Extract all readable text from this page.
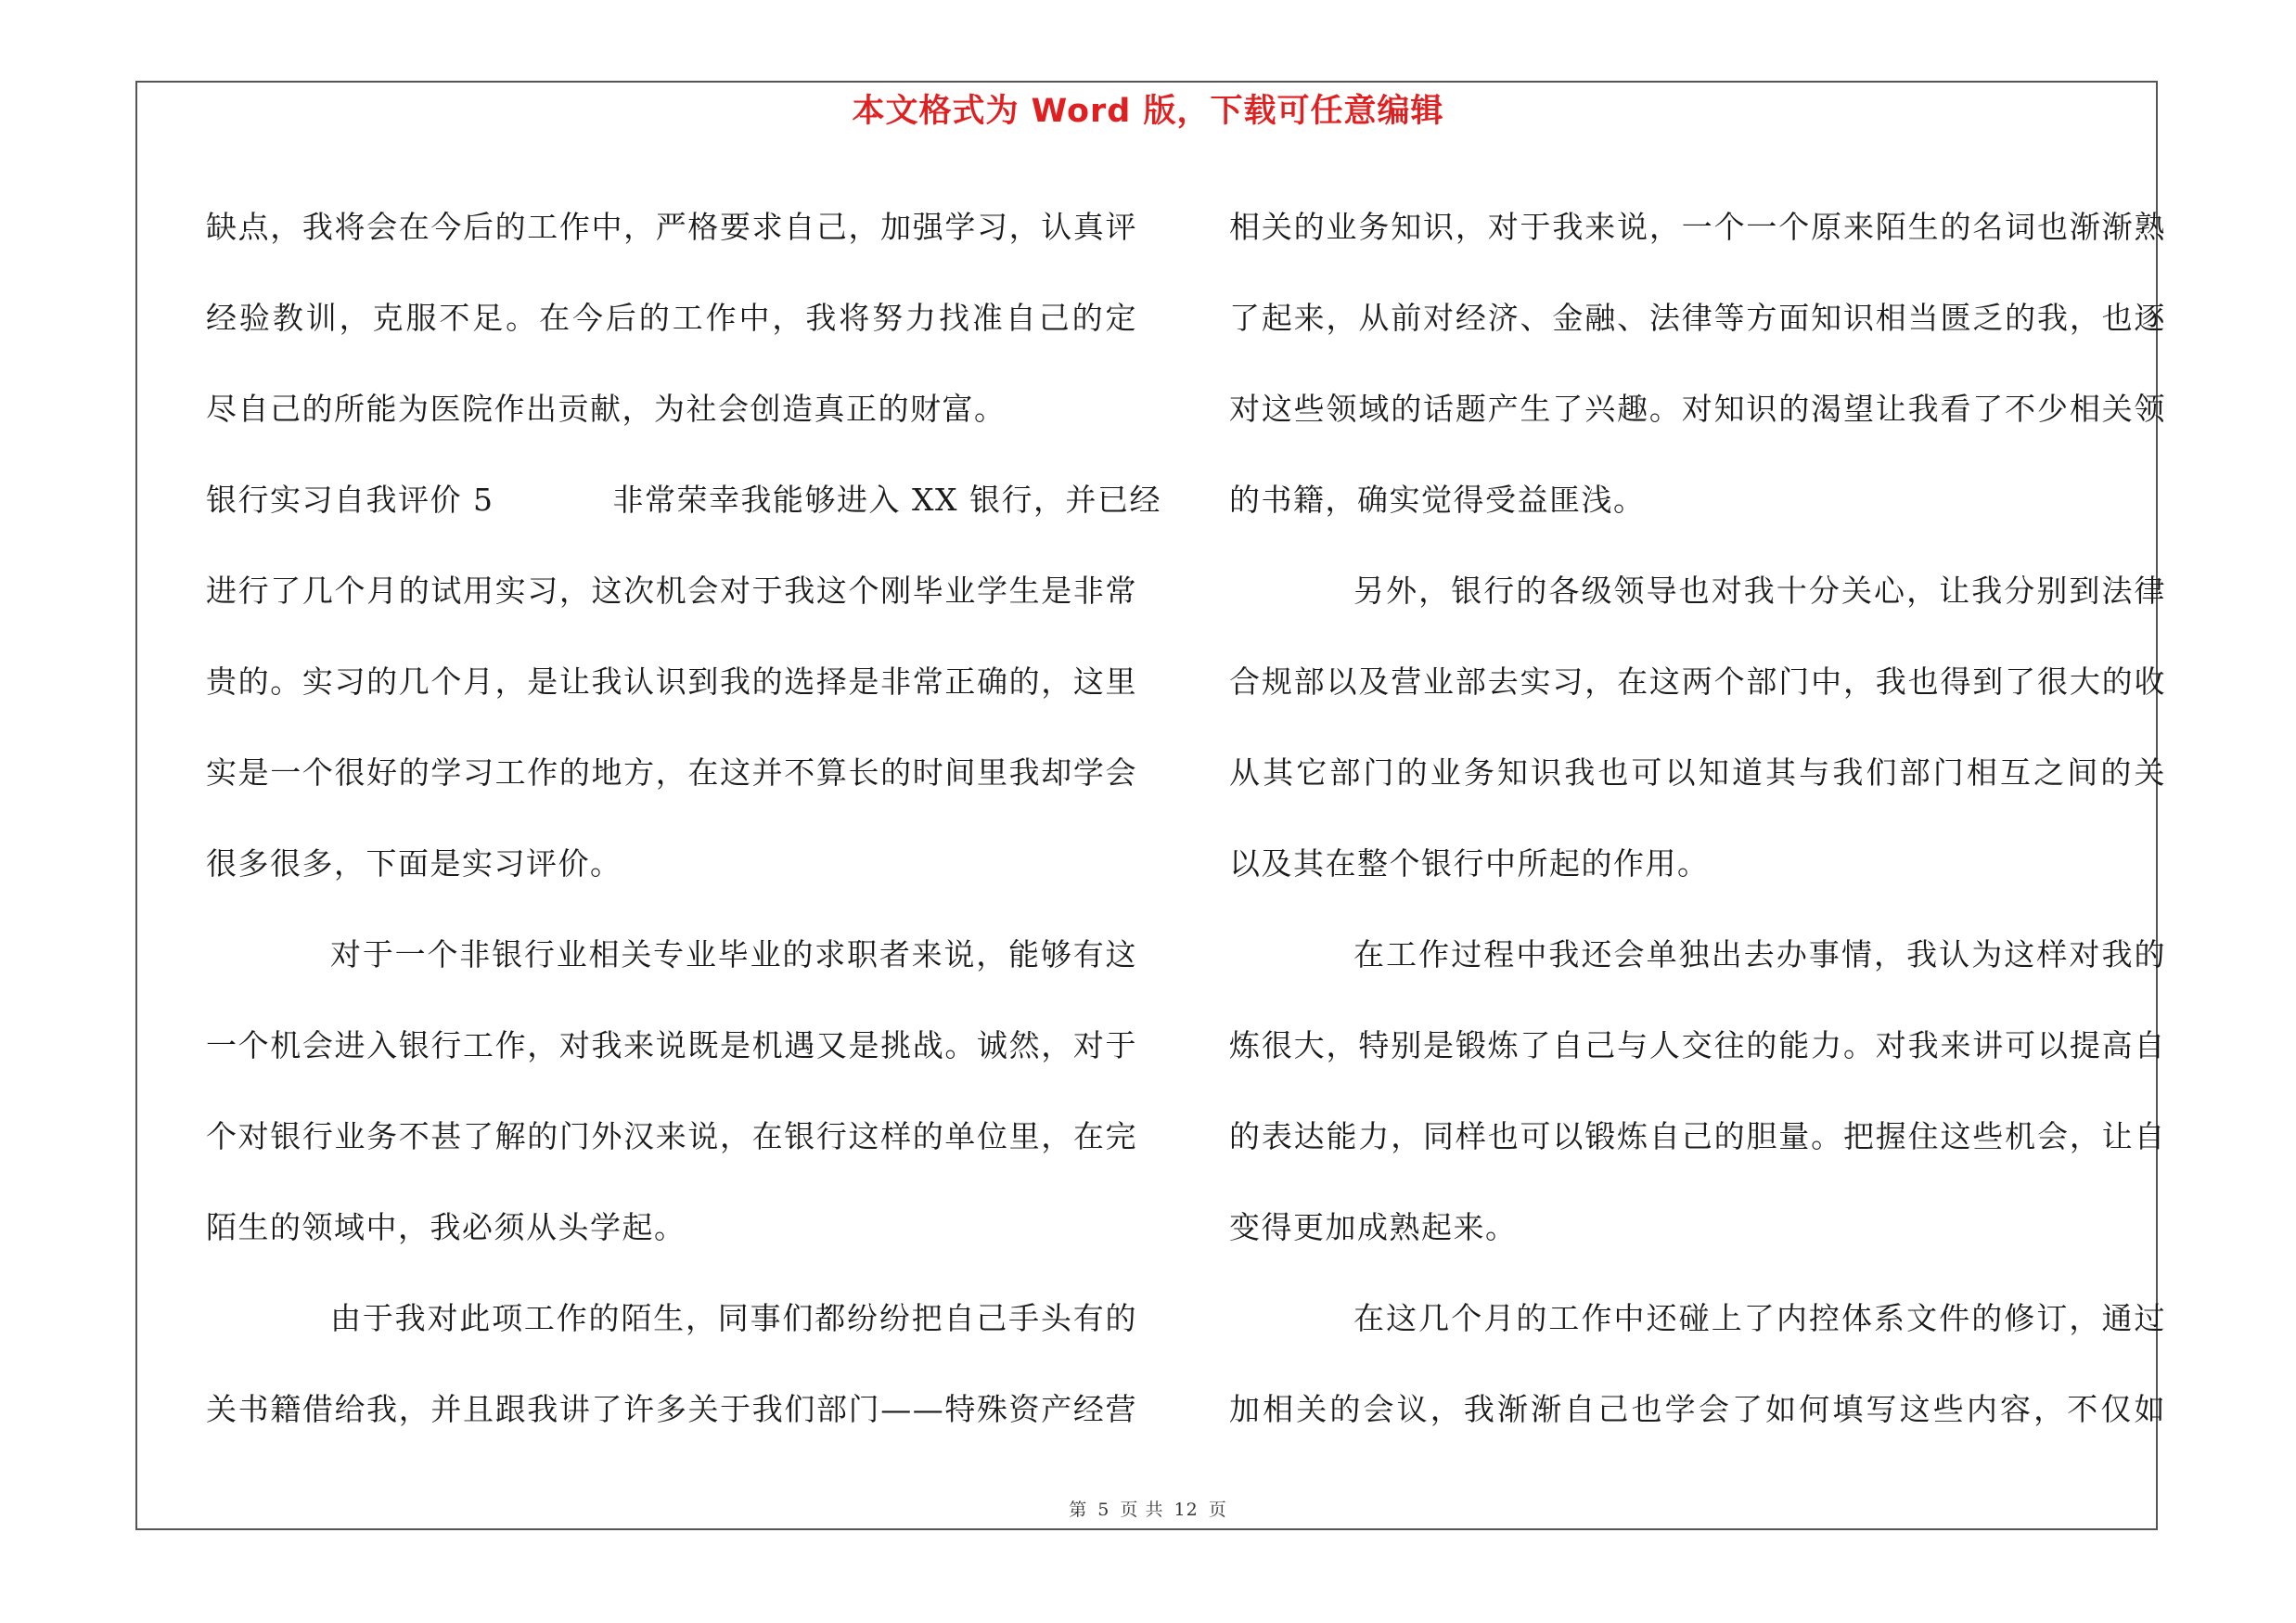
本文格式为 Word 版，下载可任意编辑
缺点，我将会在今后的工作中，严格要求自己，加强学习，认真评
经验教训，克服不足。在今后的工作中，我将努力找准自己的定
尽自己的所能为医院作出贡献，为社会创造真正的财富。
银行实习自我评价 5	非常荣幸我能够进入 XX 银行，并已经
进行了几个月的试用实习，这次机会对于我这个刚毕业学生是非常
贵的。实习的几个月，是让我认识到我的选择是非常正确的，这里
实是一个很好的学习工作的地方，在这并不算长的时间里我却学会
很多很多，下面是实习评价。
对于一个非银行业相关专业毕业的求职者来说，能够有这
一个机会进入银行工作，对我来说既是机遇又是挑战。诚然，对于
个对银行业务不甚了解的门外汉来说，在银行这样的单位里，在完
陌生的领域中，我必须从头学起。
由于我对此项工作的陌生，同事们都纷纷把自己手头有的
关书籍借给我，并且跟我讲了许多关于我们部门——特殊资产经营
相关的业务知识，对于我来说，一个一个原来陌生的名词也渐渐熟
了起来，从前对经济、金融、法律等方面知识相当匮乏的我，也逐
对这些领域的话题产生了兴趣。对知识的渴望让我看了不少相关领
的书籍，确实觉得受益匪浅。
另外，银行的各级领导也对我十分关心，让我分别到法律
合规部以及营业部去实习，在这两个部门中，我也得到了很大的收
从其它部门的业务知识我也可以知道其与我们部门相互之间的关
以及其在整个银行中所起的作用。
在工作过程中我还会单独出去办事情，我认为这样对我的
炼很大，特别是锻炼了自己与人交往的能力。对我来讲可以提高自
的表达能力，同样也可以锻炼自己的胆量。把握住这些机会，让自
变得更加成熟起来。
在这几个月的工作中还碰上了内控体系文件的修订，通过
加相关的会议，我渐渐自己也学会了如何填写这些内容，不仅如
第 5 页 共 12 页
